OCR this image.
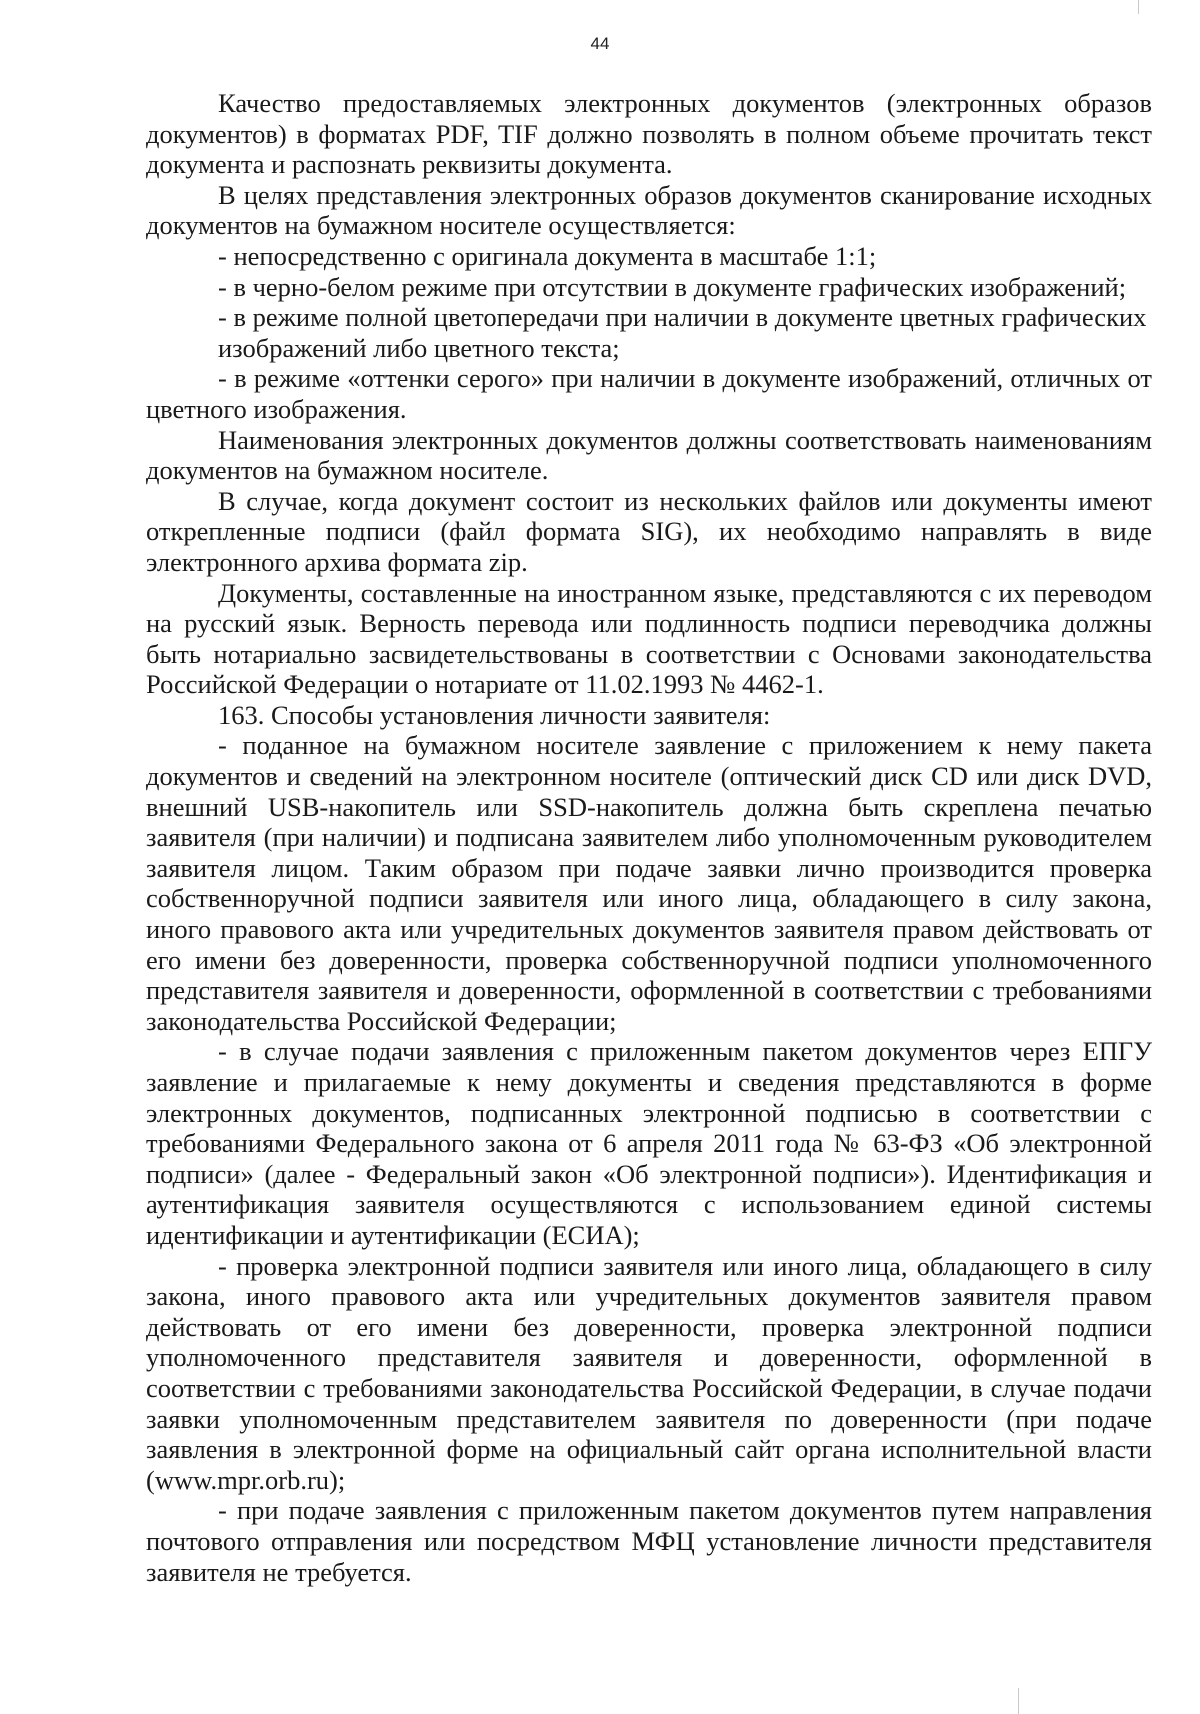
44

Качество предоставляемых электронных документов (электронных образов документов) в форматах PDF, TIF должно позволять в полном объеме прочитать текст документа и распознать реквизиты документа.

В целях представления электронных образов документов сканирование исходных документов на бумажном носителе осуществляется:

- непосредственно с оригинала документа в масштабе 1:1;

- в черно-белом режиме при отсутствии в документе графических изображений;

- в режиме полной цветопередачи при наличии в документе цветных графических изображений либо цветного текста;

- в режиме «оттенки серого» при наличии в документе изображений, отличных от цветного изображения.

Наименования электронных документов должны соответствовать наименованиям документов на бумажном носителе.

В случае, когда документ состоит из нескольких файлов или документы имеют открепленные подписи (файл формата SIG), их необходимо направлять в виде электронного архива формата zip.

Документы, составленные на иностранном языке, представляются с их переводом на русский язык. Верность перевода или подлинность подписи переводчика должны быть нотариально засвидетельствованы в соответствии с Основами законодательства Российской Федерации о нотариате от 11.02.1993 № 4462-1.

163. Способы установления личности заявителя:

- поданное на бумажном носителе заявление с приложением к нему пакета документов и сведений на электронном носителе (оптический диск CD или диск DVD, внешний USB-накопитель или SSD-накопитель должна быть скреплена печатью заявителя (при наличии) и подписана заявителем либо уполномоченным руководителем заявителя лицом. Таким образом при подаче заявки лично производится проверка собственноручной подписи заявителя или иного лица, обладающего в силу закона, иного правового акта или учредительных документов заявителя правом действовать от его имени без доверенности, проверка собственноручной подписи уполномоченного представителя заявителя и доверенности, оформленной в соответствии с требованиями законодательства Российской Федерации;

- в случае подачи заявления с приложенным пакетом документов через ЕПГУ заявление и прилагаемые к нему документы и сведения представляются в форме электронных документов, подписанных электронной подписью в соответствии с требованиями Федерального закона от 6 апреля 2011 года № 63-ФЗ «Об электронной подписи» (далее - Федеральный закон «Об электронной подписи»). Идентификация и аутентификация заявителя осуществляются с использованием единой системы идентификации и аутентификации (ЕСИА);

- проверка электронной подписи заявителя или иного лица, обладающего в силу закона, иного правового акта или учредительных документов заявителя правом действовать от его имени без доверенности, проверка электронной подписи уполномоченного представителя заявителя и доверенности, оформленной в соответствии с требованиями законодательства Российской Федерации, в случае подачи заявки уполномоченным представителем заявителя по доверенности (при подаче заявления в электронной форме на официальный сайт органа исполнительной власти (www.mpr.orb.ru);

- при подаче заявления с приложенным пакетом документов путем направления почтового отправления или посредством МФЦ установление личности представителя заявителя не требуется.
